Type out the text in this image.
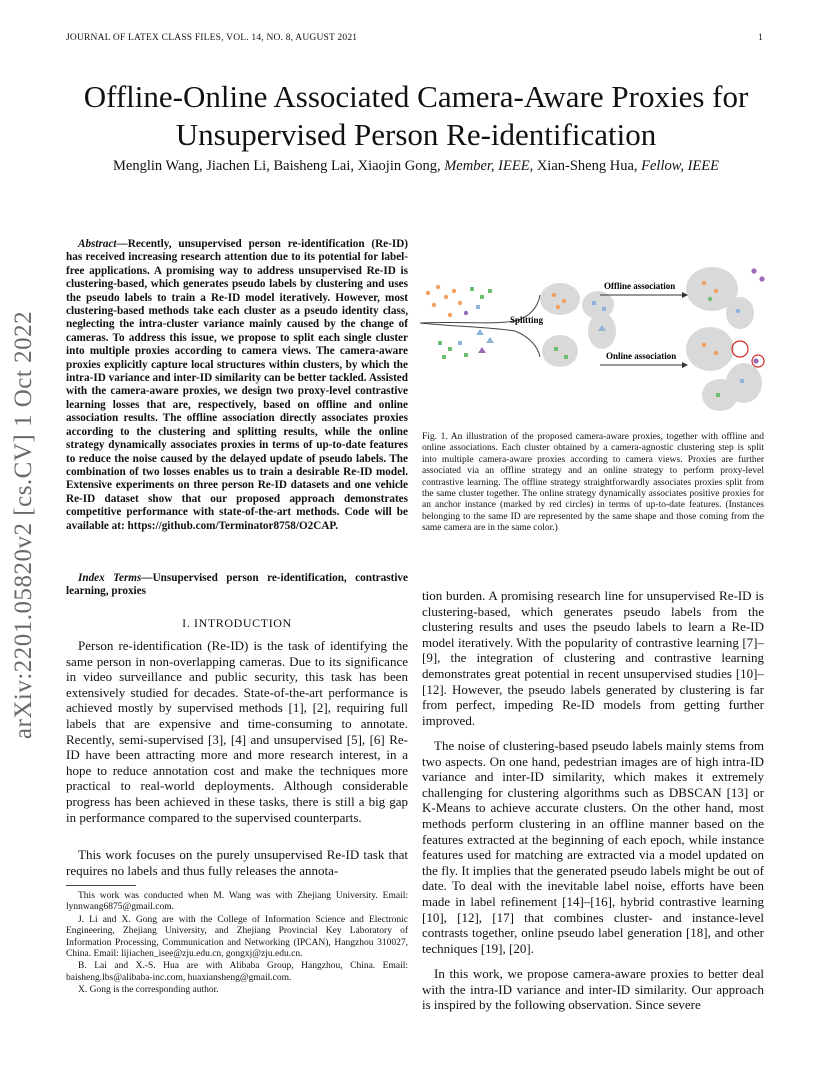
JOURNAL OF LATEX CLASS FILES, VOL. 14, NO. 8, AUGUST 2021	1
Offline-Online Associated Camera-Aware Proxies for Unsupervised Person Re-identification
Menglin Wang, Jiachen Li, Baisheng Lai, Xiaojin Gong, Member, IEEE, Xian-Sheng Hua, Fellow, IEEE
arXiv:2201.05820v2 [cs.CV] 1 Oct 2022
Abstract—Recently, unsupervised person re-identification (Re-ID) has received increasing research attention due to its potential for label-free applications. A promising way to address unsupervised Re-ID is clustering-based, which generates pseudo labels by clustering and uses the pseudo labels to train a Re-ID model iteratively. However, most clustering-based methods take each cluster as a pseudo identity class, neglecting the intra-cluster variance mainly caused by the change of cameras. To address this issue, we propose to split each single cluster into multiple proxies according to camera views. The camera-aware proxies explicitly capture local structures within clusters, by which the intra-ID variance and inter-ID similarity can be better tackled. Assisted with the camera-aware proxies, we design two proxy-level contrastive learning losses that are, respectively, based on offline and online association results. The offline association directly associates proxies according to the clustering and splitting results, while the online strategy dynamically associates proxies in terms of up-to-date features to reduce the noise caused by the delayed update of pseudo labels. The combination of two losses enables us to train a desirable Re-ID model. Extensive experiments on three person Re-ID datasets and one vehicle Re-ID dataset show that our proposed approach demonstrates competitive performance with state-of-the-art methods. Code will be available at: https://github.com/Terminator8758/O2CAP.
Index Terms—Unsupervised person re-identification, contrastive learning, proxies
I. INTRODUCTION
Person re-identification (Re-ID) is the task of identifying the same person in non-overlapping cameras. Due to its significance in video surveillance and public security, this task has been extensively studied for decades. State-of-the-art performance is achieved mostly by supervised methods [1], [2], requiring full labels that are expensive and time-consuming to annotate. Recently, semi-supervised [3], [4] and unsupervised [5], [6] Re-ID have been attracting more and more research interest, in a hope to reduce annotation cost and make the techniques more practical to real-world deployments. Although considerable progress has been achieved in these tasks, there is still a big gap in performance compared to the supervised counterparts.
This work focuses on the purely unsupervised Re-ID task that requires no labels and thus fully releases the annota-

This work was conducted when M. Wang was with Zhejiang University. Email: lynnwang6875@gmail.com.

J. Li and X. Gong are with the College of Information Science and Electronic Engineering, Zhejiang University, and Zhejiang Provincial Key Laboratory of Information Processing, Communication and Networking (IPCAN), Hangzhou 310027, China. Email: lijiachen_isee@zju.edu.cn, gongxj@zju.edu.cn.

B. Lai and X.-S. Hua are with Alibaba Group, Hangzhou, China. Email: baisheng.lbs@alibaba-inc.com, huaxiansheng@gmail.com.

X. Gong is the corresponding author.

Splitting
Offline association
Online association
Fig. 1. An illustration of the proposed camera-aware proxies, together with offline and online associations. Each cluster obtained by a camera-agnostic clustering step is split into multiple camera-aware proxies according to camera views. Proxies are further associated via an offline strategy and an online strategy to perform proxy-level contrastive learning. The offline strategy straightforwardly associates proxies split from the same cluster together. The online strategy dynamically associates positive proxies for an anchor instance (marked by red circles) in terms of up-to-date features. (Instances belonging to the same ID are represented by the same shape and those coming from the same camera are in the same color.)
tion burden. A promising research line for unsupervised Re-ID is clustering-based, which generates pseudo labels from the clustering results and uses the pseudo labels to learn a Re-ID model iteratively. With the popularity of contrastive learning [7]–[9], the integration of clustering and contrastive learning demonstrates great potential in recent unsupervised studies [10]–[12]. However, the pseudo labels generated by clustering is far from perfect, impeding Re-ID models from getting further improved.
The noise of clustering-based pseudo labels mainly stems from two aspects. On one hand, pedestrian images are of high intra-ID variance and inter-ID similarity, which makes it extremely challenging for clustering algorithms such as DBSCAN [13] or K-Means to achieve accurate clusters. On the other hand, most methods perform clustering in an offline manner based on the features extracted at the beginning of each epoch, while instance features used for matching are extracted via a model updated on the fly. It implies that the generated pseudo labels might be out of date. To deal with the inevitable label noise, efforts have been made in label refinement [14]–[16], hybrid contrastive learning [10], [12], [17] that combines cluster- and instance-level contrasts together, online pseudo label generation [18], and other techniques [19], [20].
In this work, we propose camera-aware proxies to better deal with the intra-ID variance and inter-ID similarity. Our approach is inspired by the following observation. Since severe
